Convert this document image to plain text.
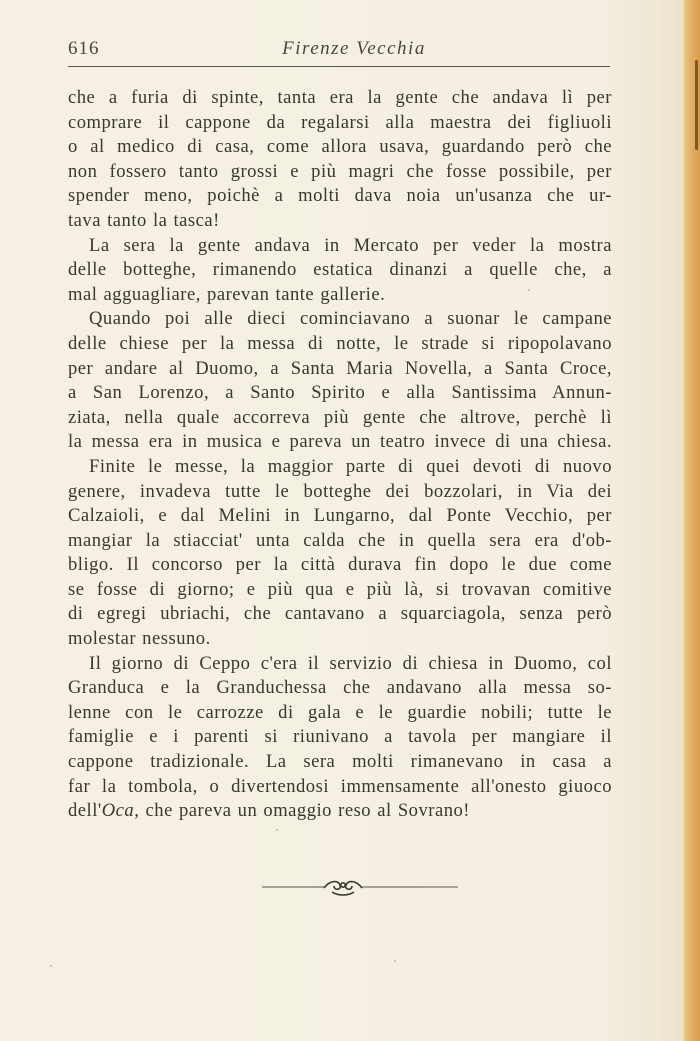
616	Firenze Vecchia

che a furia di spinte, tanta era la gente che andava lì per
comprare il cappone da regalarsi alla maestra dei figliuoli
o al medico di casa, come allora usava, guardando però che
non fossero tanto grossi e più magri che fosse possibile, per
spender meno, poichè a molti dava noia un'usanza che ur-
tava tanto la tasca!

La sera la gente andava in Mercato per veder la mostra
delle botteghe, rimanendo estatica dinanzi a quelle che, a
mal agguagliare, parevan tante gallerie.

Quando poi alle dieci cominciavano a suonar le campane
delle chiese per la messa di notte, le strade si ripopolavano
per andare al Duomo, a Santa Maria Novella, a Santa Croce,
a San Lorenzo, a Santo Spirito e alla Santissima Annun-
ziata, nella quale accorreva più gente che altrove, perchè lì
la messa era in musica e pareva un teatro invece di una chiesa.

Finite le messe, la maggior parte di quei devoti di nuovo
genere, invadeva tutte le botteghe dei bozzolari, in Via dei
Calzaioli, e dal Melini in Lungarno, dal Ponte Vecchio, per
mangiar la stiacciat' unta calda che in quella sera era d'ob-
bligo. Il concorso per la città durava fin dopo le due come
se fosse di giorno; e più qua e più là, si trovavan comitive
di egregi ubriachi, che cantavano a squarciagola, senza però
molestar nessuno.

Il giorno di Ceppo c'era il servizio di chiesa in Duomo, col
Granduca e la Granduchessa che andavano alla messa so-
lenne con le carrozze di gala e le guardie nobili; tutte le
famiglie e i parenti si riunivano a tavola per mangiare il
cappone tradizionale. La sera molti rimanevano in casa a
far la tombola, o divertendosi immensamente all'onesto giuoco
dell'Oca, che pareva un omaggio reso al Sovrano!
